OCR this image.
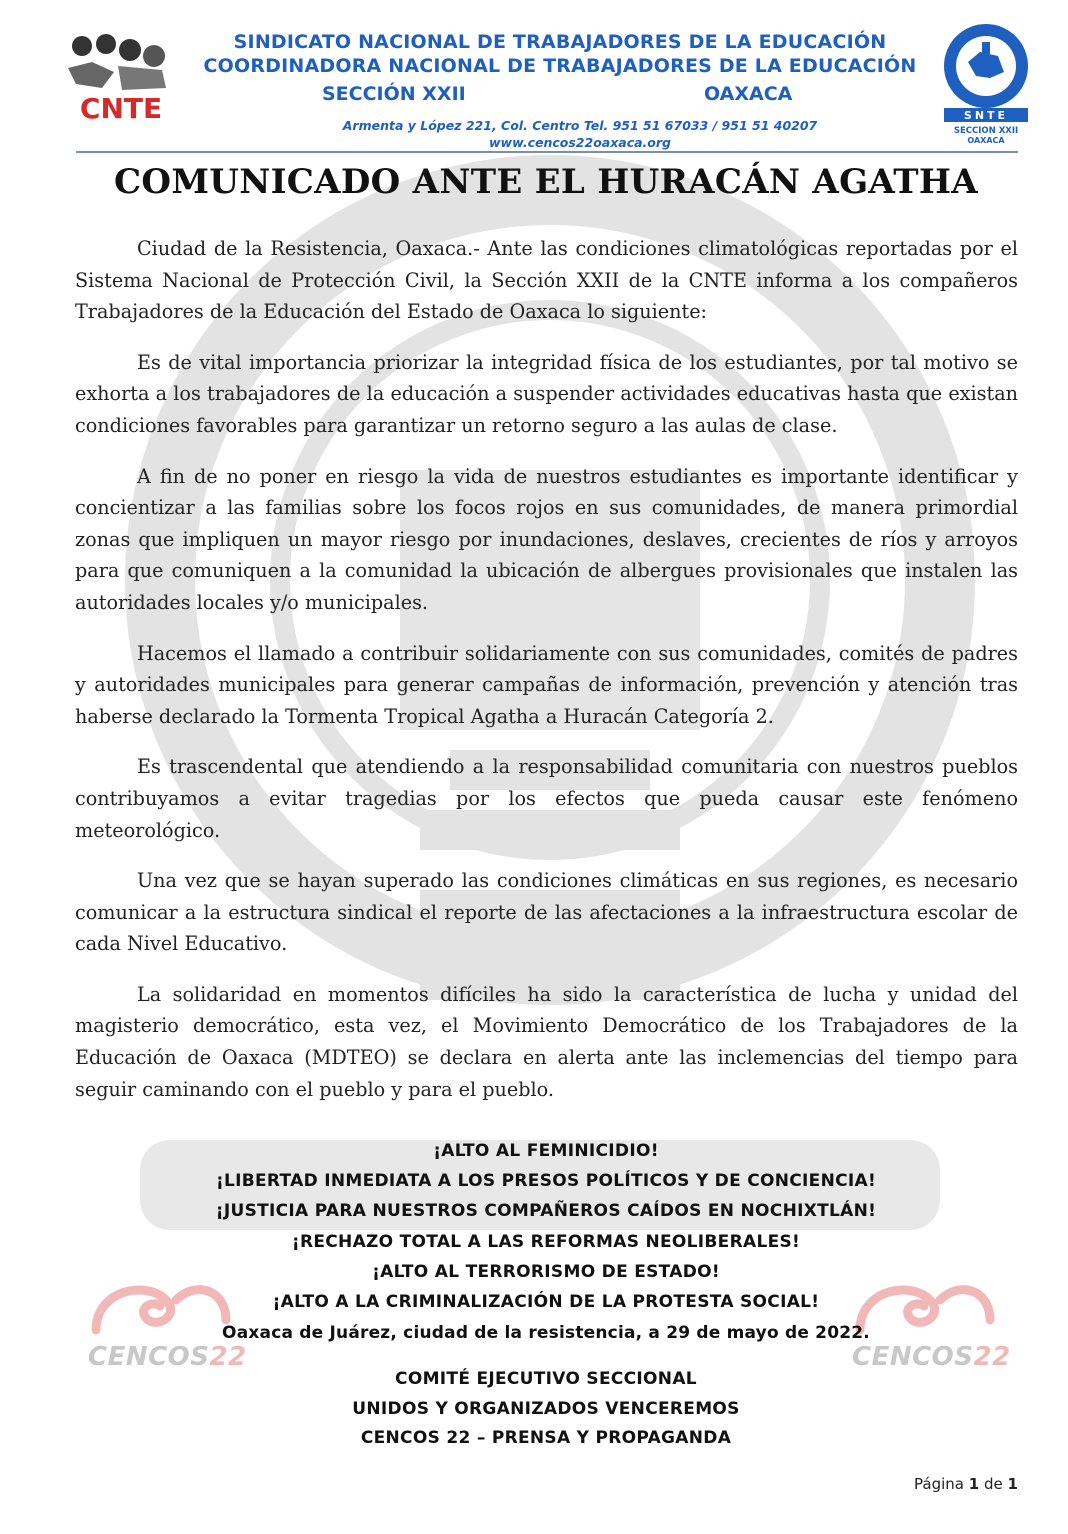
CNTE
SINDICATO NACIONAL DE TRABAJADORES DE LA EDUCACIÓN
COORDINADORA NACIONAL DE TRABAJADORES DE LA EDUCACIÓN
SECCIÓN XXII	OAXACA
Armenta y López 221, Col. Centro Tel. 951 51 67033 / 951 51 40207
www.cencos22oaxaca.org
SNTE
SECCION XXII
OAXACA
COMUNICADO ANTE EL HURACÁN AGATHA

Ciudad de la Resistencia, Oaxaca.- Ante las condiciones climatológicas reportadas por el Sistema Nacional de Protección Civil, la Sección XXII de la CNTE informa a los compañeros Trabajadores de la Educación del Estado de Oaxaca lo siguiente:

Es de vital importancia priorizar la integridad física de los estudiantes, por tal motivo se exhorta a los trabajadores de la educación a suspender actividades educativas hasta que existan condiciones favorables para garantizar un retorno seguro a las aulas de clase.

A fin de no poner en riesgo la vida de nuestros estudiantes es importante identificar y concientizar a las familias sobre los focos rojos en sus comunidades, de manera primordial zonas que impliquen un mayor riesgo por inundaciones, deslaves, crecientes de ríos y arroyos para que comuniquen a la comunidad la ubicación de albergues provisionales que instalen las autoridades locales y/o municipales.

Hacemos el llamado a contribuir solidariamente con sus comunidades, comités de padres y autoridades municipales para generar campañas de información, prevención y atención tras haberse declarado la Tormenta Tropical Agatha a Huracán Categoría 2.

Es trascendental que atendiendo a la responsabilidad comunitaria con nuestros pueblos contribuyamos a evitar tragedias por los efectos que pueda causar este fenómeno meteorológico.

Una vez que se hayan superado las condiciones climáticas en sus regiones, es necesario comunicar a la estructura sindical el reporte de las afectaciones a la infraestructura escolar de cada Nivel Educativo.

La solidaridad en momentos difíciles ha sido la característica de lucha y unidad del magisterio democrático, esta vez, el Movimiento Democrático de los Trabajadores de la Educación de Oaxaca (MDTEO) se declara en alerta ante las inclemencias del tiempo para seguir caminando con el pueblo y para el pueblo.

CENCOS22	CENCOS22
¡ALTO AL FEMINICIDIO!
¡LIBERTAD INMEDIATA A LOS PRESOS POLÍTICOS Y DE CONCIENCIA!
¡JUSTICIA PARA NUESTROS COMPAÑEROS CAÍDOS EN NOCHIXTLÁN!
¡RECHAZO TOTAL A LAS REFORMAS NEOLIBERALES!
¡ALTO AL TERRORISMO DE ESTADO!
¡ALTO A LA CRIMINALIZACIÓN DE LA PROTESTA SOCIAL!
Oaxaca de Juárez, ciudad de la resistencia, a 29 de mayo de 2022.
COMITÉ EJECUTIVO SECCIONAL
UNIDOS Y ORGANIZADOS VENCEREMOS
CENCOS 22 – PRENSA Y PROPAGANDA
Página 1 de 1
